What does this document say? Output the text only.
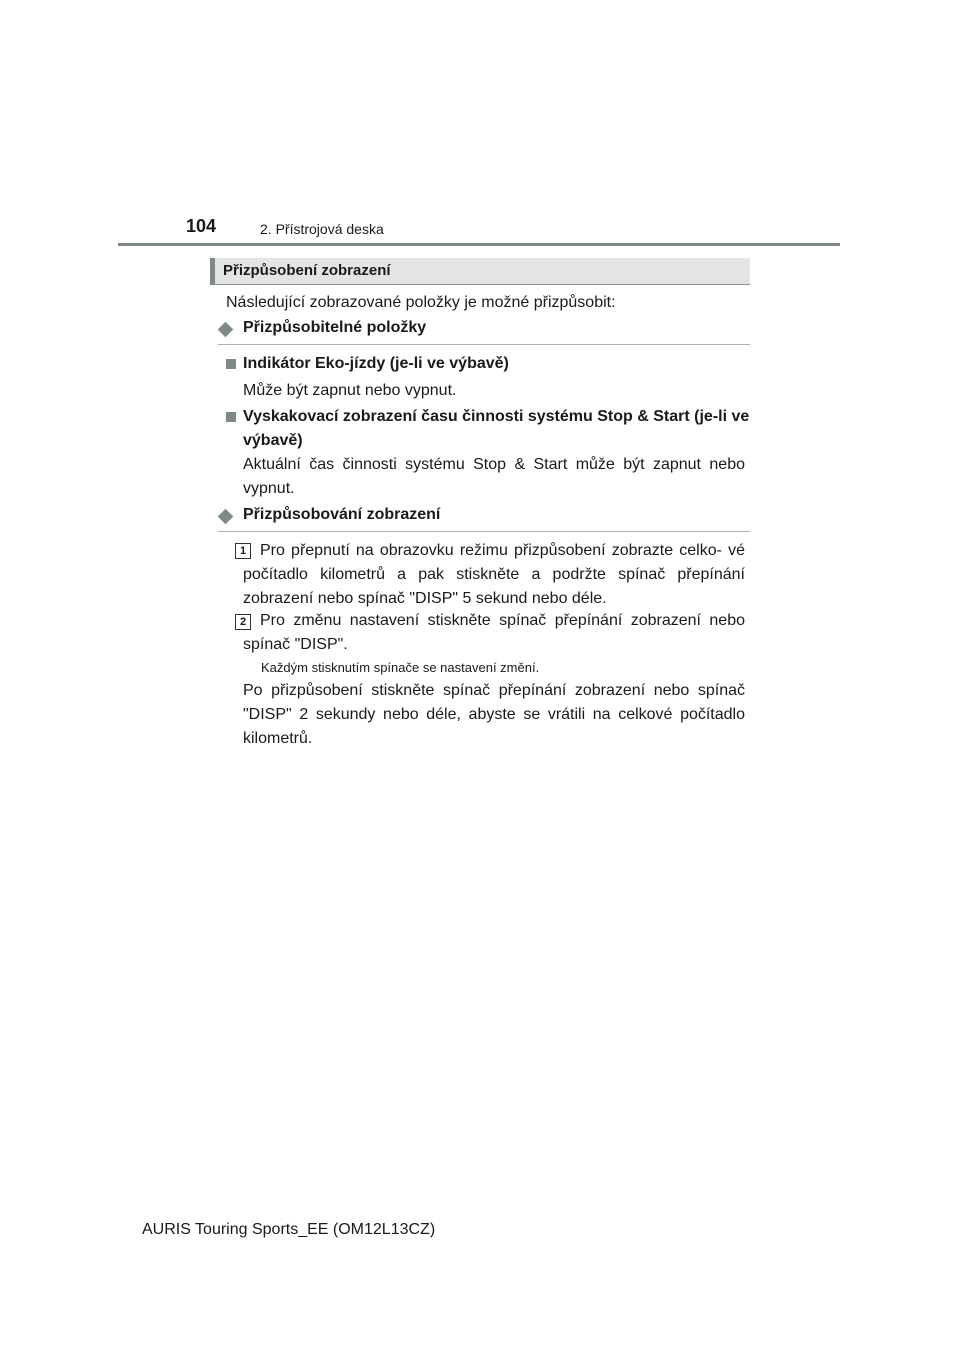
104	2. Přístrojová deska
Přizpůsobení zobrazení
Následující zobrazované položky je možné přizpůsobit:
Přizpůsobitelné položky
Indikátor Eko-jízdy (je-li ve výbavě)
Může být zapnut nebo vypnut.
Vyskakovací zobrazení času činnosti systému Stop & Start (je-li ve výbavě)
Aktuální čas činnosti systému Stop & Start může být zapnut nebo vypnut.
Přizpůsobování zobrazení
1 Pro přepnutí na obrazovku režimu přizpůsobení zobrazte celko- vé počítadlo kilometrů a pak stiskněte a podržte spínač přepínání zobrazení nebo spínač "DISP" 5 sekund nebo déle.
2 Pro změnu nastavení stiskněte spínač přepínání zobrazení nebo spínač "DISP".
Každým stisknutím spínače se nastavení změní.
Po přizpůsobení stiskněte spínač přepínání zobrazení nebo spínač "DISP" 2 sekundy nebo déle, abyste se vrátili na celkové počítadlo kilometrů.
AURIS Touring Sports_EE (OM12L13CZ)
